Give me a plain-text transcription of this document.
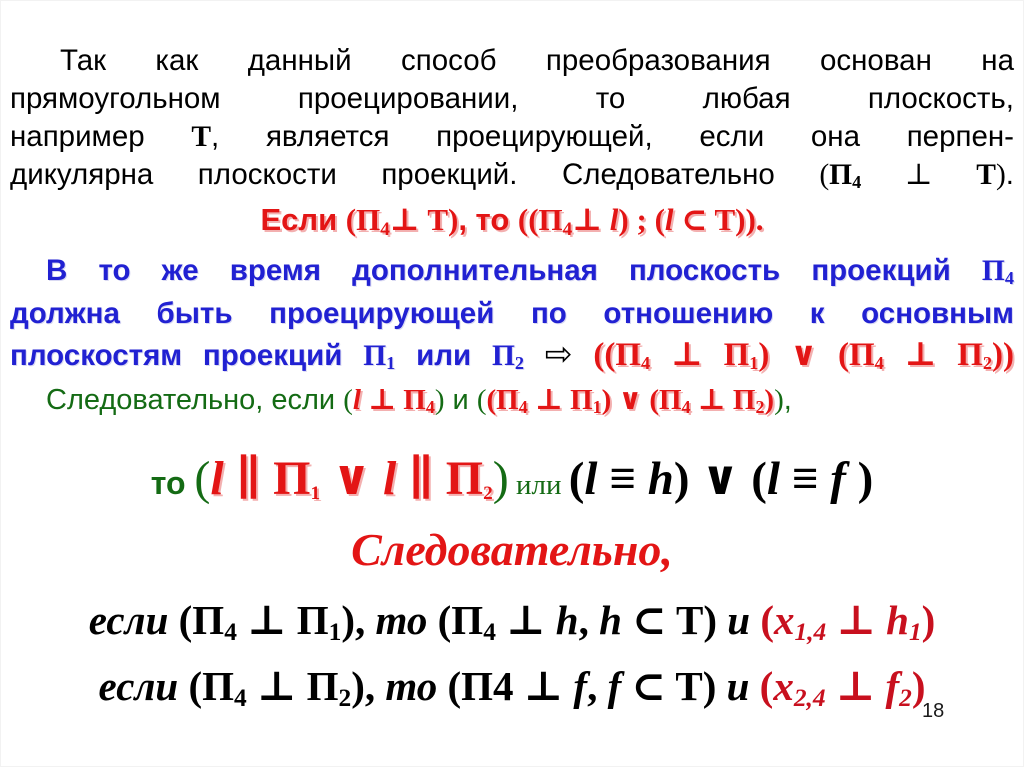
Так как данный способ преобразования основан на
прямоугольном проецировании, то любая плоскость,
например T, является проецирующей, если она перпен-
дикулярна плоскости проекций. Следовательно (П4 ⊥ T).
Если (П4⊥ T), то ((П4⊥ l) ; (l ⊂ T)).
В то же время дополнительная плоскость проекций П4
должна быть проецирующей по отношению к основным
плоскостям проекций П1 или П2 ⇨ ((П4 ⊥ П1) ∨ (П4 ⊥ П2))
Следовательно, если (l ⊥ П4) и ((П4 ⊥ П1) ∨ (П4 ⊥ П2)),
то (l ∥ П1 ∨ l ∥ П2) или (l ≡ h) ∨ (l ≡ f )
Следовательно,
если (П4 ⊥ П1), то (П4 ⊥ h, h ⊂ T) и (x1,4 ⊥ h1)
если (П4 ⊥ П2), то (П4 ⊥ f, f ⊂ T) и (x2,4 ⊥ f2)
18
